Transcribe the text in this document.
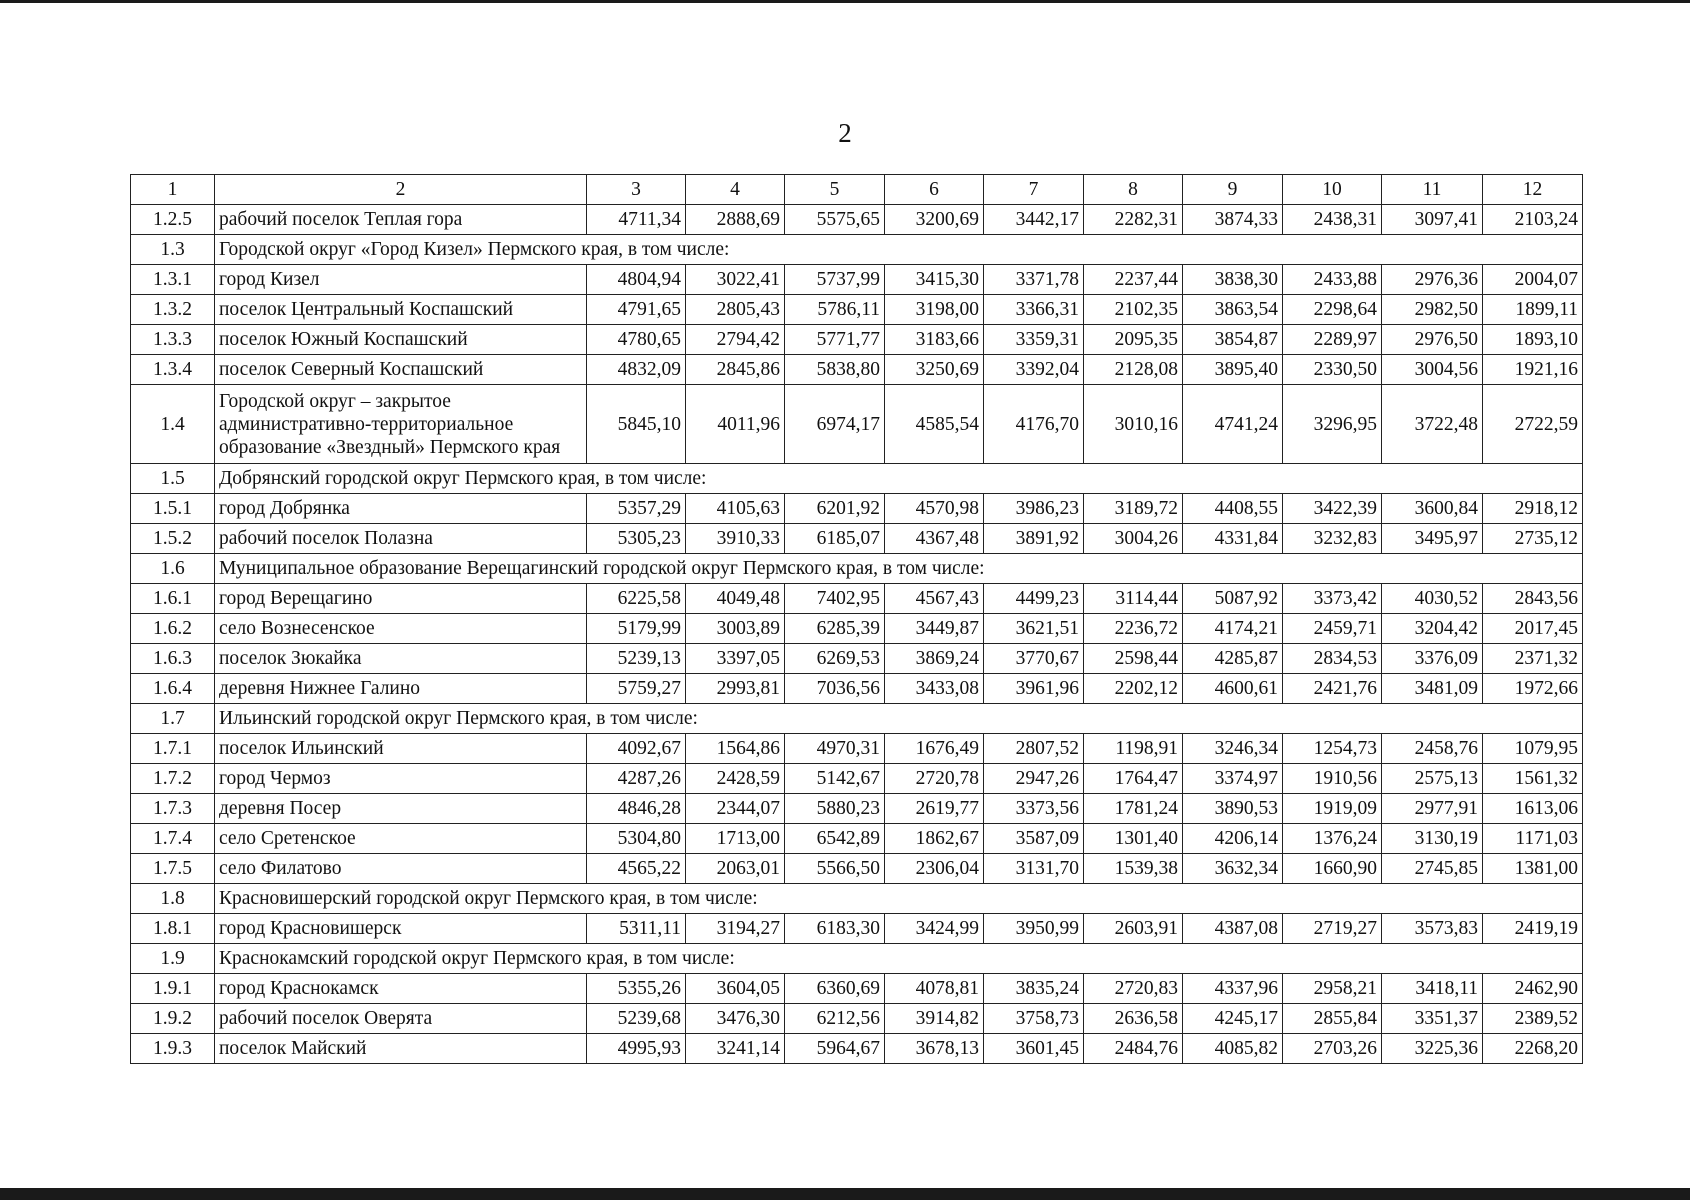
2
1	2	3	4	5	6	7	8	9	10	11	12
1.2.5	рабочий поселок Теплая гора	4711,34	2888,69	5575,65	3200,69	3442,17	2282,31	3874,33	2438,31	3097,41	2103,24
1.3	Городской округ «Город Кизел» Пермского края, в том числе:										
1.3.1	город Кизел	4804,94	3022,41	5737,99	3415,30	3371,78	2237,44	3838,30	2433,88	2976,36	2004,07
1.3.2	поселок Центральный Коспашский	4791,65	2805,43	5786,11	3198,00	3366,31	2102,35	3863,54	2298,64	2982,50	1899,11
1.3.3	поселок Южный Коспашский	4780,65	2794,42	5771,77	3183,66	3359,31	2095,35	3854,87	2289,97	2976,50	1893,10
1.3.4	поселок Северный Коспашский	4832,09	2845,86	5838,80	3250,69	3392,04	2128,08	3895,40	2330,50	3004,56	1921,16
1.4	Городской округ – закрытое административно-территориальное образование «Звездный» Пермского края	5845,10	4011,96	6974,17	4585,54	4176,70	3010,16	4741,24	3296,95	3722,48	2722,59
1.5	Добрянский городской округ Пермского края, в том числе:										
1.5.1	город Добрянка	5357,29	4105,63	6201,92	4570,98	3986,23	3189,72	4408,55	3422,39	3600,84	2918,12
1.5.2	рабочий поселок Полазна	5305,23	3910,33	6185,07	4367,48	3891,92	3004,26	4331,84	3232,83	3495,97	2735,12
1.6	Муниципальное образование Верещагинский городской округ Пермского края, в том числе:										
1.6.1	город Верещагино	6225,58	4049,48	7402,95	4567,43	4499,23	3114,44	5087,92	3373,42	4030,52	2843,56
1.6.2	село Вознесенское	5179,99	3003,89	6285,39	3449,87	3621,51	2236,72	4174,21	2459,71	3204,42	2017,45
1.6.3	поселок Зюкайка	5239,13	3397,05	6269,53	3869,24	3770,67	2598,44	4285,87	2834,53	3376,09	2371,32
1.6.4	деревня Нижнее Галино	5759,27	2993,81	7036,56	3433,08	3961,96	2202,12	4600,61	2421,76	3481,09	1972,66
1.7	Ильинский городской округ Пермского края, в том числе:										
1.7.1	поселок Ильинский	4092,67	1564,86	4970,31	1676,49	2807,52	1198,91	3246,34	1254,73	2458,76	1079,95
1.7.2	город Чермоз	4287,26	2428,59	5142,67	2720,78	2947,26	1764,47	3374,97	1910,56	2575,13	1561,32
1.7.3	деревня Посер	4846,28	2344,07	5880,23	2619,77	3373,56	1781,24	3890,53	1919,09	2977,91	1613,06
1.7.4	село Сретенское	5304,80	1713,00	6542,89	1862,67	3587,09	1301,40	4206,14	1376,24	3130,19	1171,03
1.7.5	село Филатово	4565,22	2063,01	5566,50	2306,04	3131,70	1539,38	3632,34	1660,90	2745,85	1381,00
1.8	Красновишерский городской округ Пермского края, в том числе:										
1.8.1	город Красновишерск	5311,11	3194,27	6183,30	3424,99	3950,99	2603,91	4387,08	2719,27	3573,83	2419,19
1.9	Краснокамский городской округ Пермского края, в том числе:										
1.9.1	город Краснокамск	5355,26	3604,05	6360,69	4078,81	3835,24	2720,83	4337,96	2958,21	3418,11	2462,90
1.9.2	рабочий поселок Оверята	5239,68	3476,30	6212,56	3914,82	3758,73	2636,58	4245,17	2855,84	3351,37	2389,52
1.9.3	поселок Майский	4995,93	3241,14	5964,67	3678,13	3601,45	2484,76	4085,82	2703,26	3225,36	2268,20
